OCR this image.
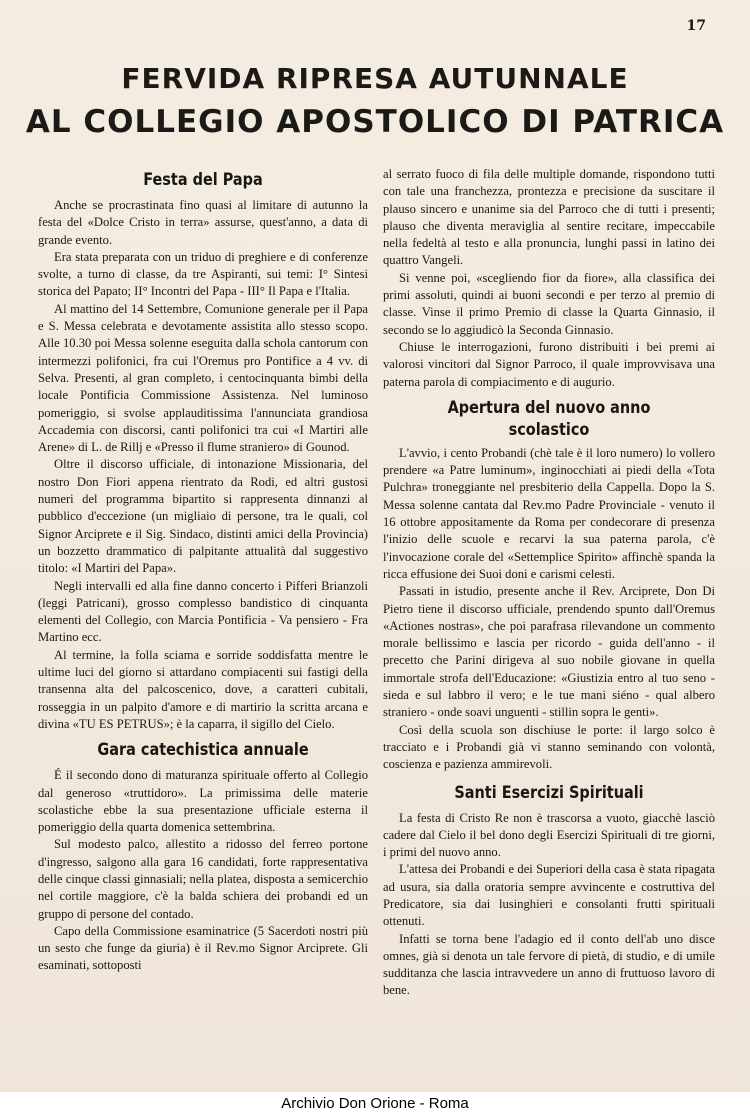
17
FERVIDA RIPRESA AUTUNNALE
AL COLLEGIO APOSTOLICO DI PATRICA
Festa del Papa

Anche se procrastinata fino quasi al limitare di autunno la festa del «Dolce Cristo in terra» assurse, quest'anno, a data di grande evento.

Era stata preparata con un triduo di preghiere e di conferenze svolte, a turno di classe, da tre Aspiranti, sui temi: I° Sintesi storica del Papato; II° Incontri del Papa - III° Il Papa e l'Italia.

Al mattino del 14 Settembre, Comunione generale per il Papa e S. Messa celebrata e devotamente assistita allo stesso scopo. Alle 10.30 poi Messa solenne eseguita dalla schola cantorum con intermezzi polifonici, fra cui l'Oremus pro Pontifice a 4 vv. di Selva. Presenti, al gran completo, i centocinquanta bimbi della locale Pontificia Commissione Assistenza. Nel luminoso pomeriggio, si svolse applauditissima l'annunciata grandiosa Accademia con discorsi, canti polifonici tra cui «I Martiri alle Arene» di L. de Rillj e «Presso il flume straniero» di Gounod.

Oltre il discorso ufficiale, di intonazione Missionaria, del nostro Don Fiori appena rientrato da Rodi, ed altri gustosi numeri del programma bipartito si rappresenta dinnanzi al pubblico d'eccezione (un migliaio di persone, tra le quali, col Signor Arciprete e il Sig. Sindaco, distinti amici della Provincia) un bozzetto drammatico di palpitante attualità dal suggestivo titolo: «I Martiri del Papa».

Negli intervalli ed alla fine danno concerto i Pifferi Brianzoli (leggi Patricani), grosso complesso bandistico di cinquanta elementi del Collegio, con Marcia Pontificia - Va pensiero - Fra Martino ecc.

Al termine, la folla sciama e sorride soddisfatta mentre le ultime luci del giorno si attardano compiacenti sui fastigi della transenna alta del palcoscenico, dove, a caratteri cubitali, rosseggia in un palpito d'amore e di martirio la scritta arcana e divina «TU ES PETRUS»; è la caparra, il sigillo del Cielo.

Gara catechistica annuale

É il secondo dono di maturanza spirituale offerto al Collegio dal generoso «truttidoro». La primissima delle materie scolastiche ebbe la sua presentazione ufficiale esterna il pomeriggio della quarta domenica settembrina.

Sul modesto palco, allestito a ridosso del ferreo portone d'ingresso, salgono alla gara 16 candidati, forte rappresentativa delle cinque classi ginnasiali; nella platea, disposta a semicerchio nel cortile maggiore, c'è la balda schiera dei probandi ed un gruppo di persone del contado.

Capo della Commissione esaminatrice (5 Sacerdoti nostri più un sesto che funge da giuria) è il Rev.mo Signor Arciprete. Gli esaminati, sottoposti

al serrato fuoco di fila delle multiple domande, rispondono tutti con tale una franchezza, prontezza e precisione da suscitare il plauso sincero e unanime sia del Parroco che di tutti i presenti; plauso che diventa meraviglia al sentire recitare, impeccabile nella fedeltà al testo e alla pronuncia, lunghi passi in latino dei quattro Vangeli.

Si venne poi, «scegliendo fior da fiore», alla classifica dei primi assoluti, quindi ai buoni secondi e per terzo al premio di classe. Vinse il primo Premio di classe la Quarta Ginnasio, il secondo se lo aggiudicò la Seconda Ginnasio.

Chiuse le interrogazioni, furono distribuiti i bei premi ai valorosi vincitori dal Signor Parroco, il quale improvvisava una paterna parola di compiacimento e di augurio.

Apertura del nuovo anno scolastico

L'avvio, i cento Probandi (chè tale è il loro numero) lo vollero prendere «a Patre luminum», inginocchiati ai piedi della «Tota Pulchra» troneggiante nel presbiterio della Cappella. Dopo la S. Messa solenne cantata dal Rev.mo Padre Provinciale - venuto il 16 ottobre appositamente da Roma per condecorare di presenza l'inizio delle scuole e recarvi la sua paterna parola, c'è l'invocazione corale del «Settemplice Spirito» affinchè spanda la ricca effusione dei Suoi doni e carismi celesti.

Passati in istudio, presente anche il Rev. Arciprete, Don Di Pietro tiene il discorso ufficiale, prendendo spunto dall'Oremus «Actiones nostras», che poi parafrasa rilevandone un commento morale bellissimo e lascia per ricordo - guida dell'anno - il precetto che Parini dirigeva al suo nobile giovane in quella immortale strofa dell'Educazione: «Giustizia entro al tuo seno - sieda e sul labbro il vero; e le tue mani siéno - qual albero straniero - onde soavi unguenti - stillin sopra le genti».

Così della scuola son dischiuse le porte: il largo solco è tracciato e i Probandi già vi stanno seminando con volontà, coscienza e pazienza ammirevoli.

Santi Esercizi Spirituali

La festa di Cristo Re non è trascorsa a vuoto, giacchè lasciò cadere dal Cielo il bel dono degli Esercizi Spirituali di tre giorni, i primi del nuovo anno.

L'attesa dei Probandi e dei Superiori della casa è stata ripagata ad usura, sia dalla oratoria sempre avvincente e costruttiva del Predicatore, sia dai lusinghieri e consolanti frutti spirituali ottenuti.

Infatti se torna bene l'adagio ed il conto dell'ab uno disce omnes, già si denota un tale fervore di pietà, di studio, e di umile sudditanza che lascia intravvedere un anno di fruttuoso lavoro di bene.

Archivio Don Orione - Roma
